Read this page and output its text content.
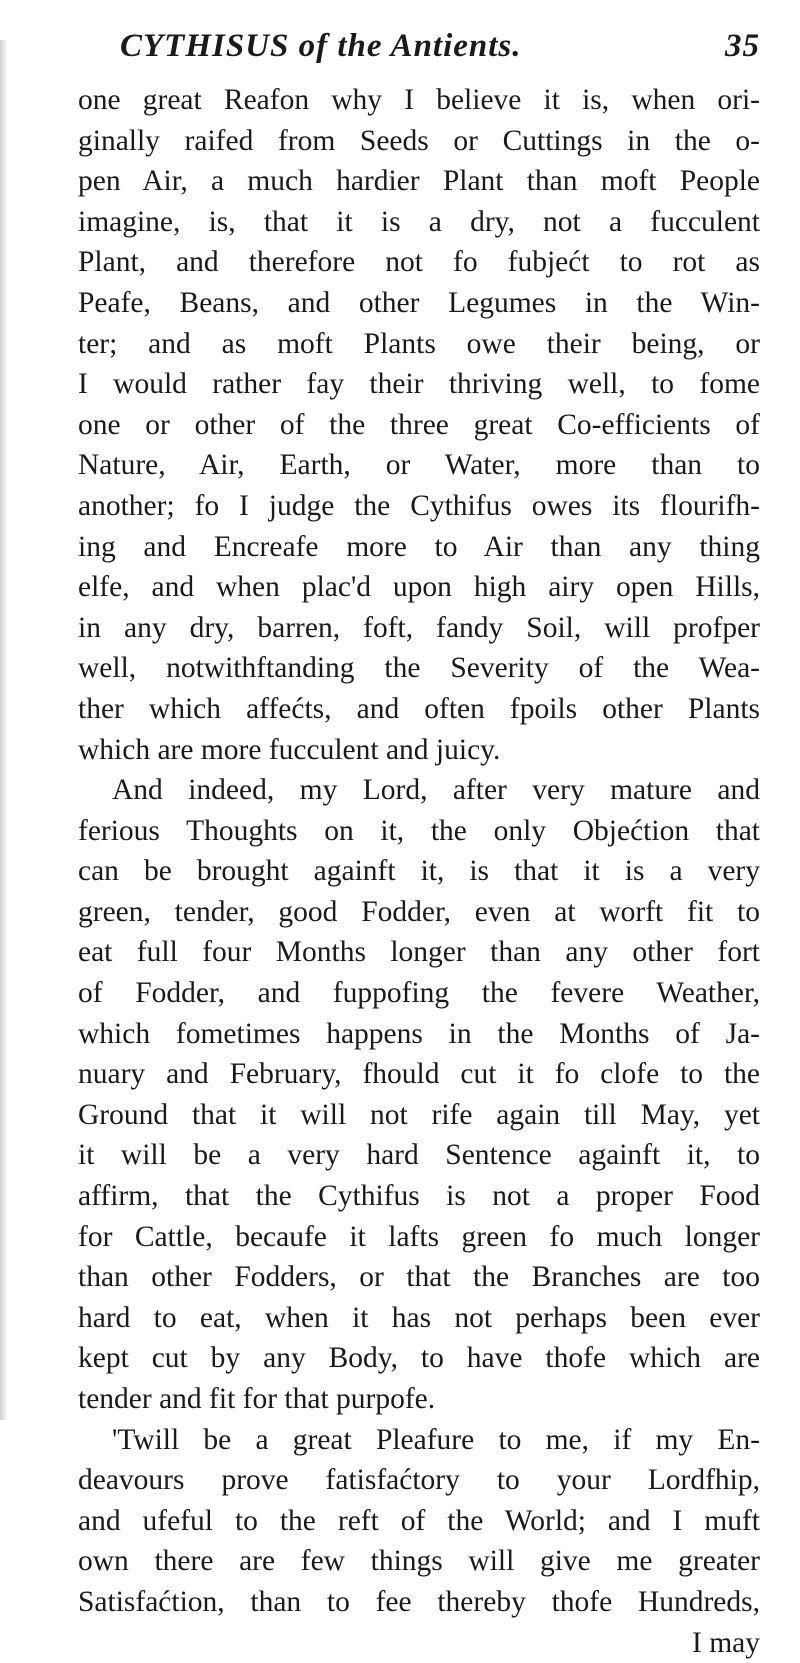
CYTHISUS of the Antients.	35
one great Reafon why I believe it is, when ori-
ginally raifed from Seeds or Cuttings in the o-
pen Air, a much hardier Plant than moft People
imagine, is, that it is a dry, not a fucculent
Plant, and therefore not fo fubjećt to rot as
Peafe, Beans, and other Legumes in the Win-
ter; and as moft Plants owe their being, or
I would rather fay their thriving well, to fome
one or other of the three great Co-efficients of
Nature, Air, Earth, or Water, more than to
another; fo I judge the Cythifus owes its flourifh-
ing and Encreafe more to Air than any thing
elfe, and when plac'd upon high airy open Hills,
in any dry, barren, foft, fandy Soil, will profper
well, notwithftanding the Severity of the Wea-
ther which affećts, and often fpoils other Plants
which are more fucculent and juicy.
And indeed, my Lord, after very mature and
ferious Thoughts on it, the only Objećtion that
can be brought againft it, is that it is a very
green, tender, good Fodder, even at worft fit to
eat full four Months longer than any other fort
of Fodder, and fuppofing the fevere Weather,
which fometimes happens in the Months of Ja-
nuary and February, fhould cut it fo clofe to the
Ground that it will not rife again till May, yet
it will be a very hard Sentence againft it, to
affirm, that the Cythifus is not a proper Food
for Cattle, becaufe it lafts green fo much longer
than other Fodders, or that the Branches are too
hard to eat, when it has not perhaps been ever
kept cut by any Body, to have thofe which are
tender and fit for that purpofe.
'Twill be a great Pleafure to me, if my En-
deavours prove fatisfaćtory to your Lordfhip,
and ufeful to the reft of the World; and I muft
own there are few things will give me greater
Satisfaćtion, than to fee thereby thofe Hundreds,
I may
